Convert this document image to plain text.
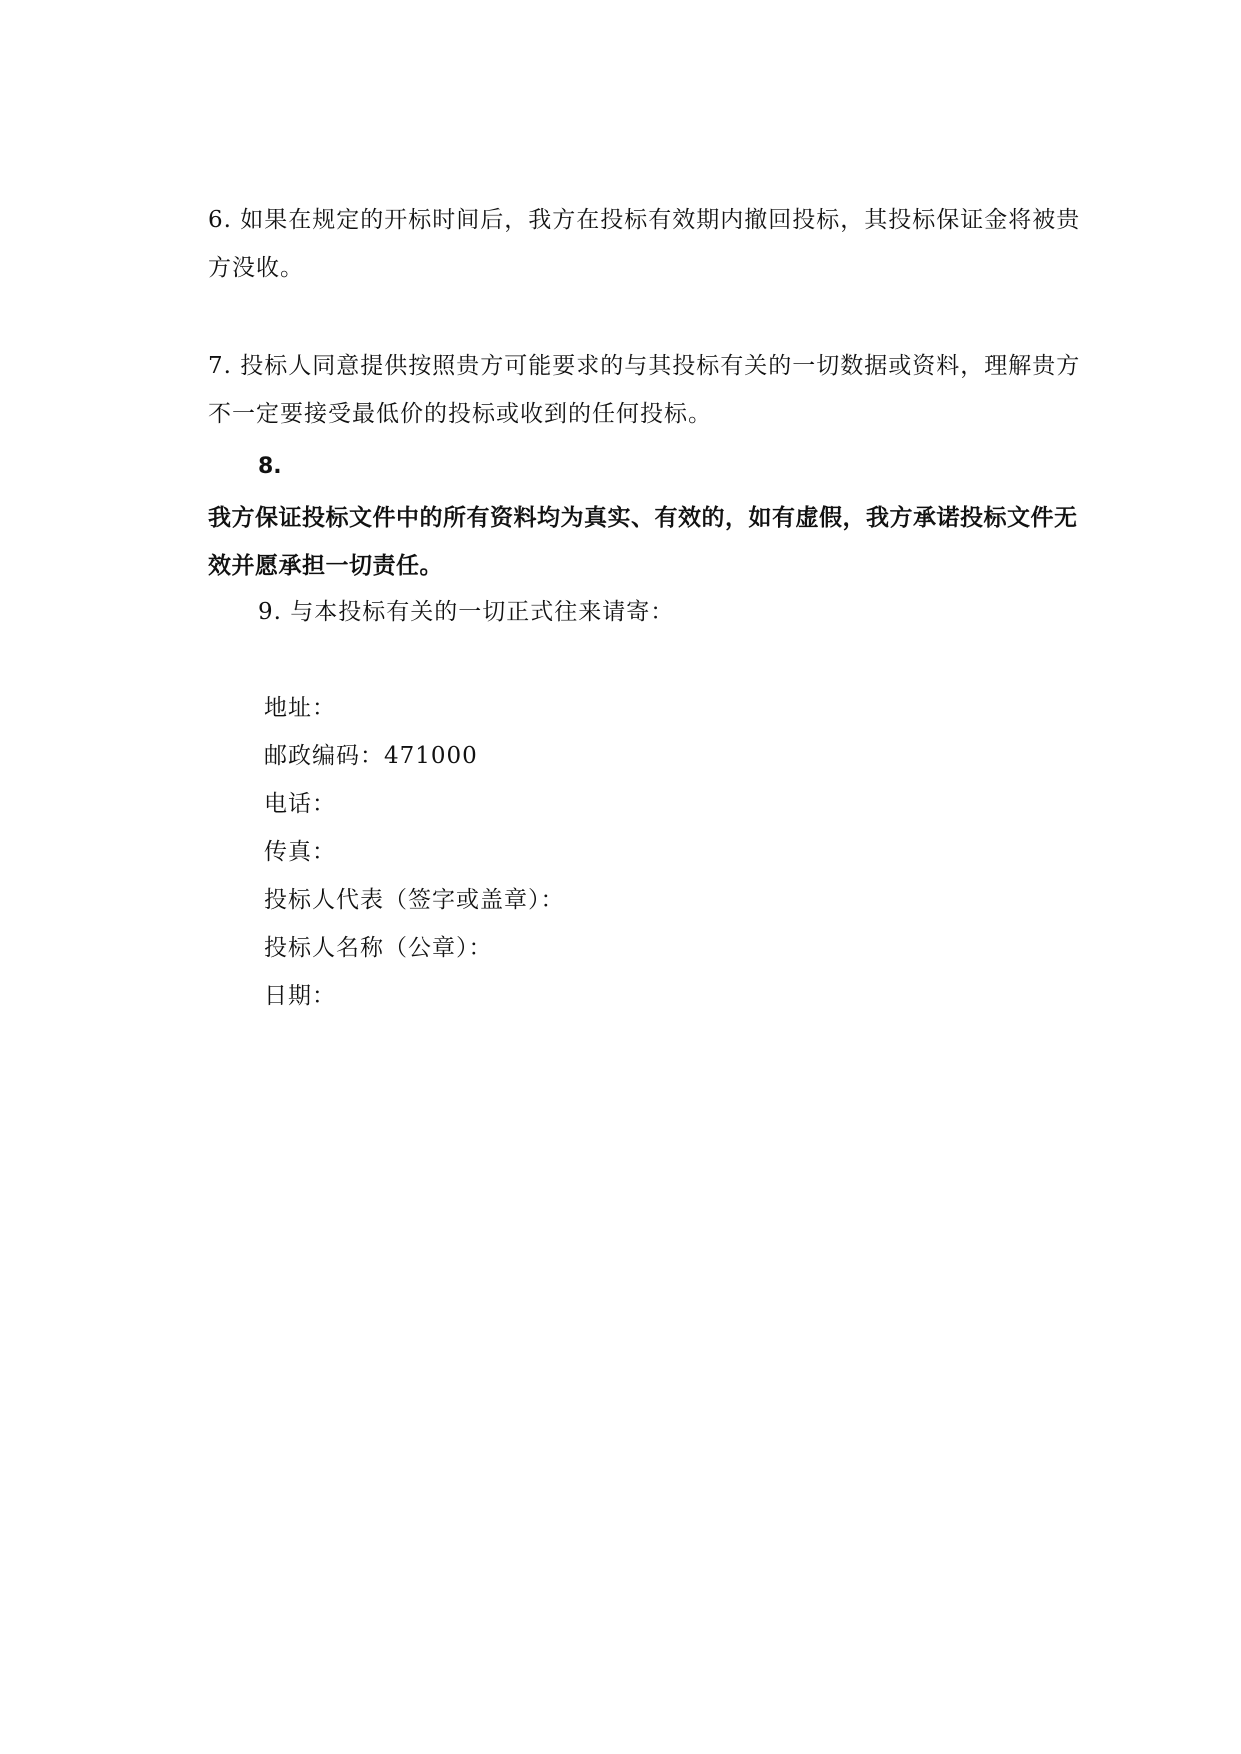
6. 如果在规定的开标时间后，我方在投标有效期内撤回投标，其投标保证金将被贵方没收。

7. 投标人同意提供按照贵方可能要求的与其投标有关的一切数据或资料，理解贵方不一定要接受最低价的投标或收到的任何投标。

8.

我方保证投标文件中的所有资料均为真实、有效的，如有虚假，我方承诺投标文件无效并愿承担一切责任。

9. 与本投标有关的一切正式往来请寄：

地址：
邮政编码：471000
电话：
传真：
投标人代表（签字或盖章）：
投标人名称（公章）：
日期：
